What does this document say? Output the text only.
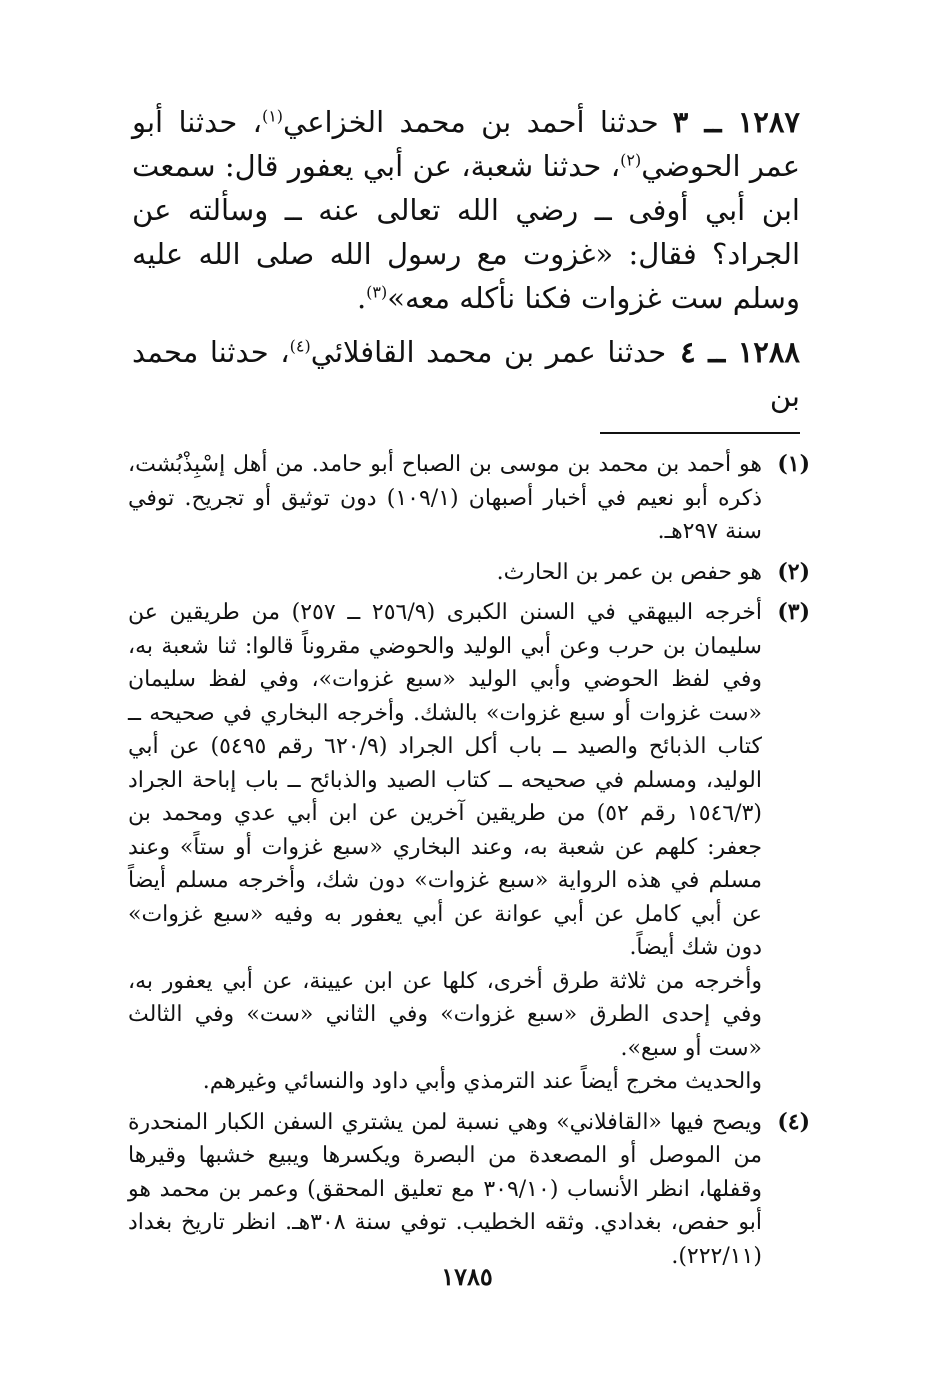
١٢٨٧ ــ ٣حدثنا أحمد بن محمد الخزاعي$^{(١)}$، حدثنا أبو عمر الحوضي$^{(٢)}$، حدثنا شعبة، عن أبي يعفور قال: سمعت ابن أبي أوفى ــ رضي الله تعالى عنه ــ وسألته عن الجراد؟ فقال: «غزوت مع رسول الله صلى الله عليه وسلم ست غزوات فكنا نأكله معه»$^{(٣)}$.

١٢٨٨ ــ ٤حدثنا عمر بن محمد القافلائي$^{(٤)}$، حدثنا محمد بن

(١)

هو أحمد بن محمد بن موسى بن الصباح أبو حامد. من أهل إسْبِذْبُشت، ذكره أبو نعيم في أخبار أصبهان (١٠٩/١) دون توثيق أو تجريح. توفي سنة ٢٩٧هـ.

(٢)

هو حفص بن عمر بن الحارث.

(٣)

أخرجه البيهقي في السنن الكبرى (٢٥٦/٩ ــ ٢٥٧) من طريقين عن سليمان بن حرب وعن أبي الوليد والحوضي مقروناً قالوا: ثنا شعبة به، وفي لفظ الحوضي وأبي الوليد «سبع غزوات»، وفي لفظ سليمان «ست غزوات أو سبع غزوات» بالشك. وأخرجه البخاري في صحيحه ــ كتاب الذبائح والصيد ــ باب أكل الجراد (٦٢٠/٩ رقم ٥٤٩٥) عن أبي الوليد، ومسلم في صحيحه ــ كتاب الصيد والذبائح ــ باب إباحة الجراد (١٥٤٦/٣ رقم ٥٢) من طريقين آخرين عن ابن أبي عدي ومحمد بن جعفر: كلهم عن شعبة به، وعند البخاري «سبع غزوات أو ستاً» وعند مسلم في هذه الرواية «سبع غزوات» دون شك، وأخرجه مسلم أيضاً عن أبي كامل عن أبي عوانة عن أبي يعفور به وفيه «سبع غزوات» دون شك أيضاً.

وأخرجه من ثلاثة طرق أخرى، كلها عن ابن عيينة، عن أبي يعفور به، وفي إحدى الطرق «سبع غزوات» وفي الثاني «ست» وفي الثالث «ست أو سبع».

والحديث مخرج أيضاً عند الترمذي وأبي داود والنسائي وغيرهم.

(٤)

ويصح فيها «القافلاني» وهي نسبة لمن يشتري السفن الكبار المنحدرة من الموصل أو المصعدة من البصرة ويكسرها ويبيع خشبها وقيرها وقفلها، انظر الأنساب (٣٠٩/١٠ مع تعليق المحقق) وعمر بن محمد هو أبو حفص، بغدادي. وثقه الخطيب. توفي سنة ٣٠٨هـ. انظر تاريخ بغداد (٢٢٢/١١).

١٧٨٥
